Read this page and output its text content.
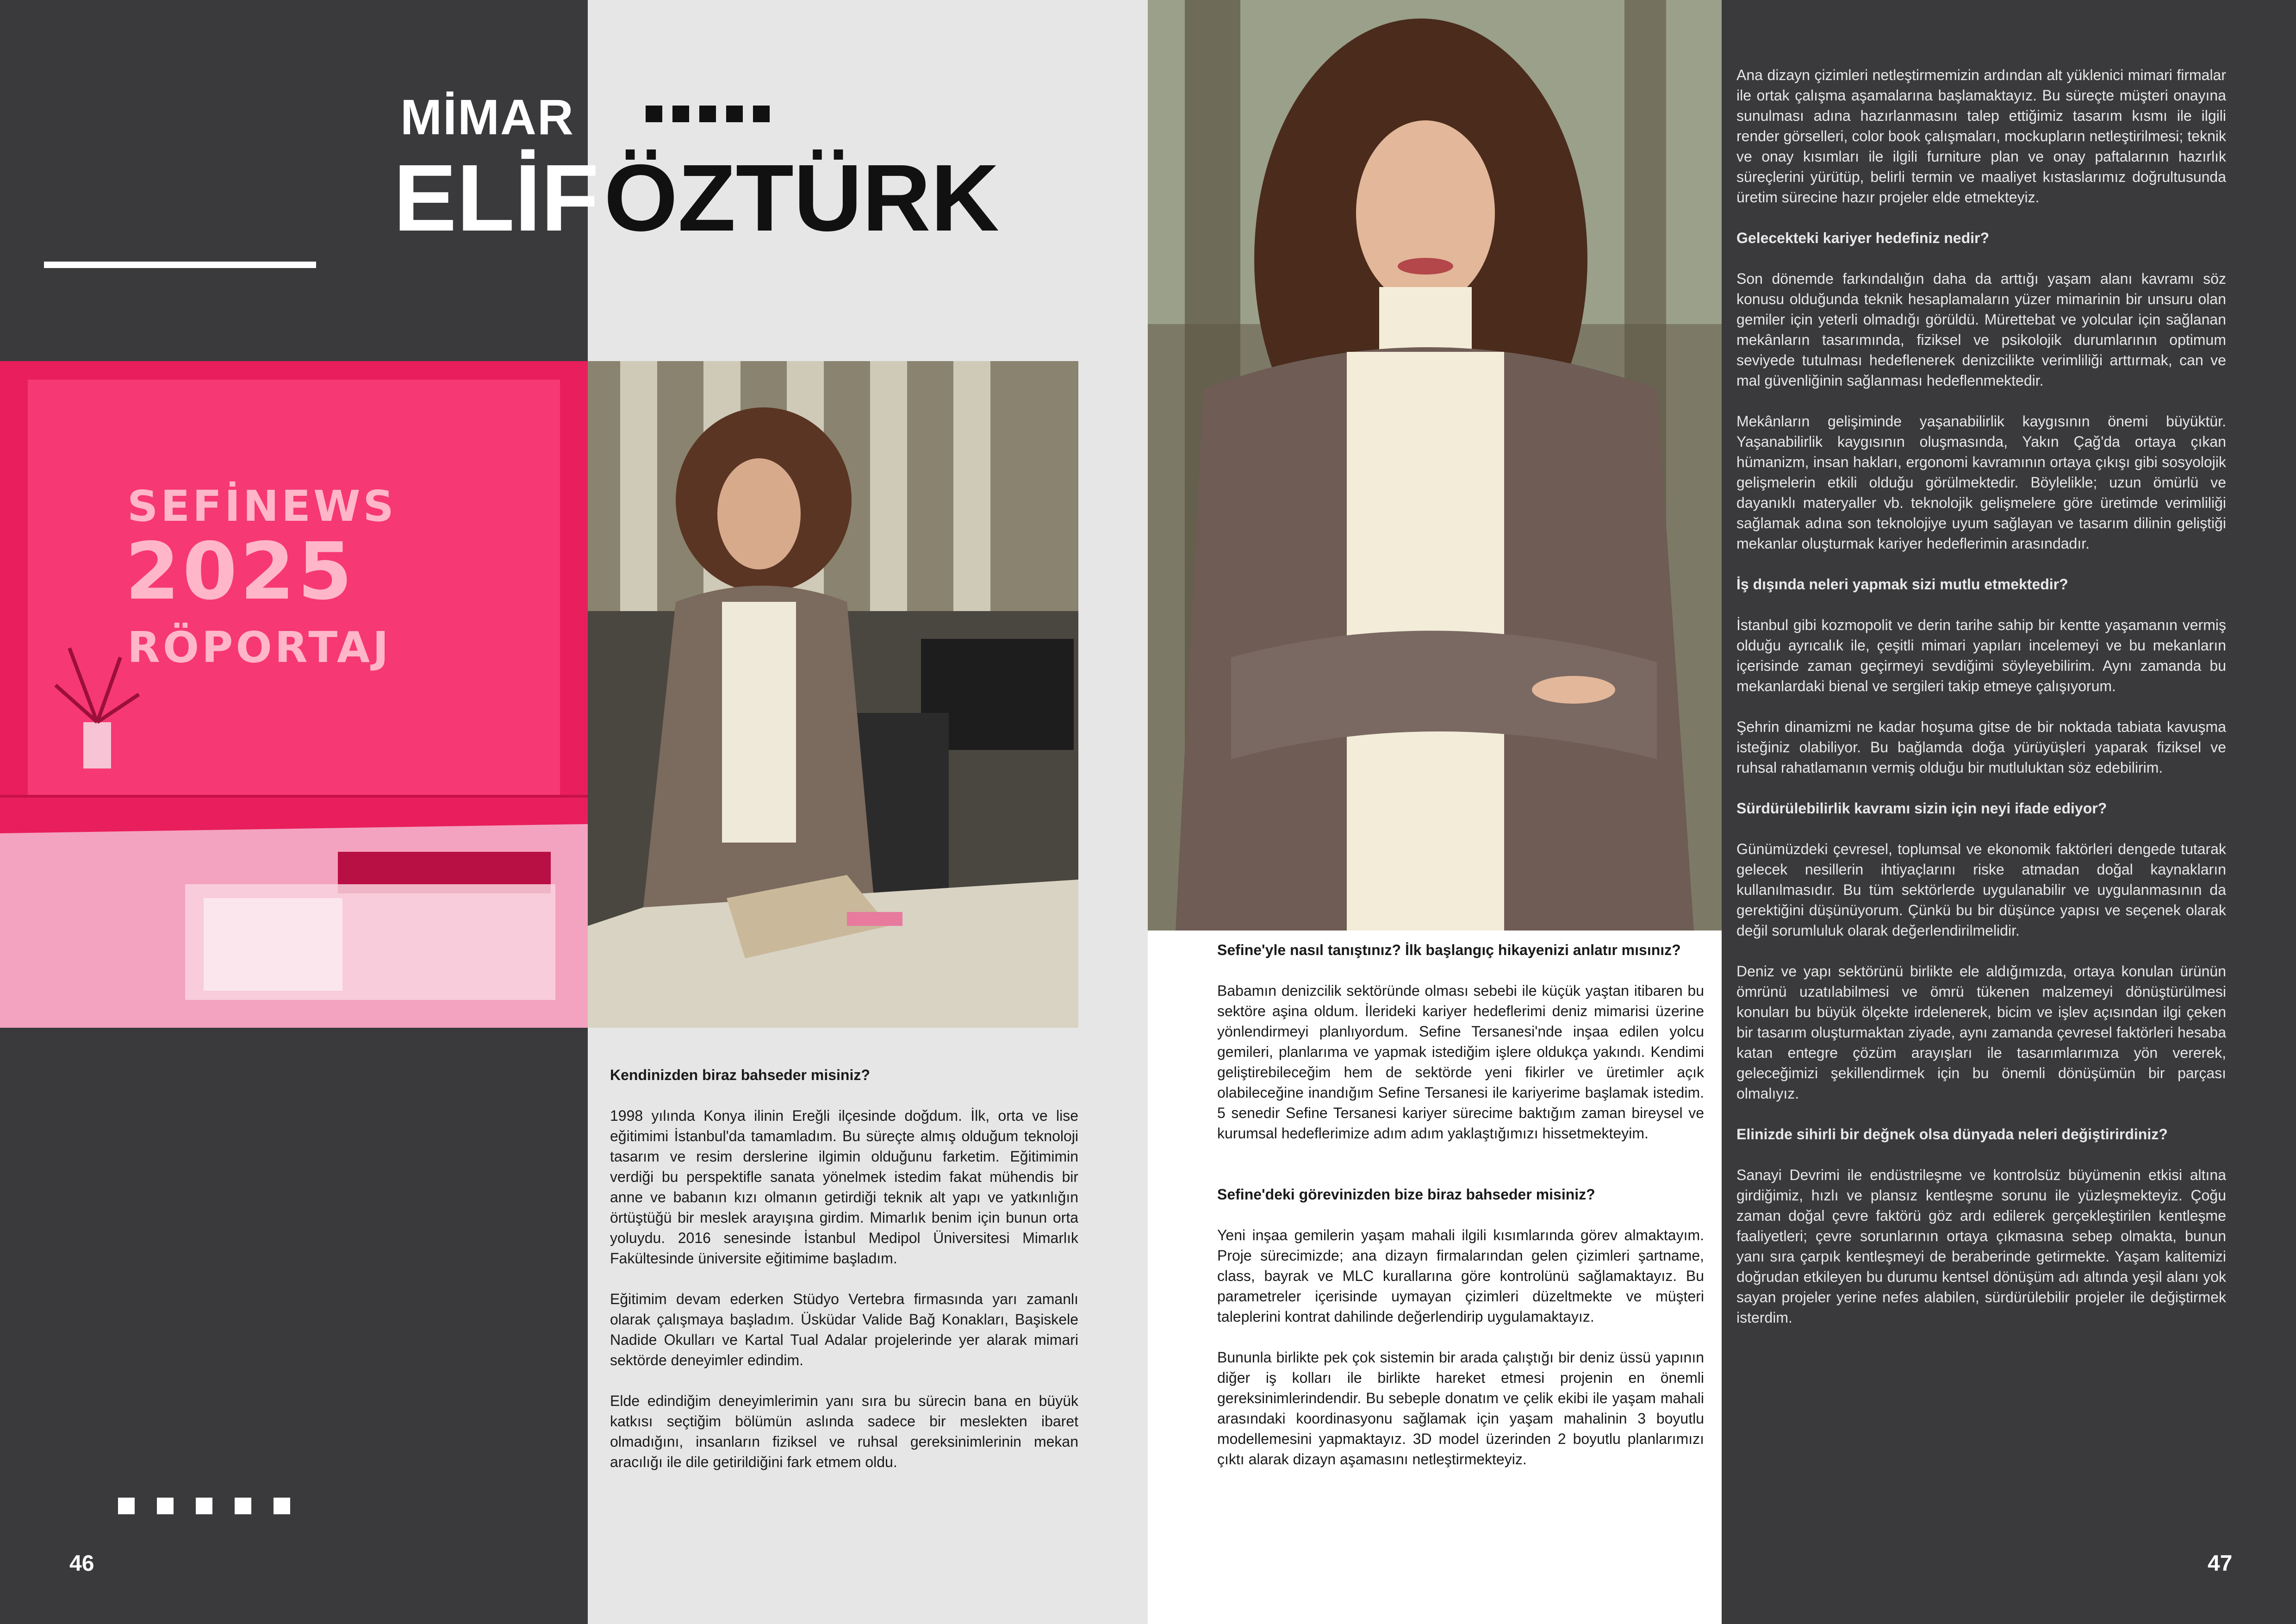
MİMAR
ELİF ÖZTÜRK
SEFİNEWS
2025
RÖPORTAJ
Kendinizden biraz bahseder misiniz?

1998 yılında Konya ilinin Ereğli ilçesinde doğdum. İlk, orta ve lise eğitimimi İstanbul'da tamamladım. Bu süreçte almış olduğum teknoloji tasarım ve resim derslerine ilgimin olduğunu farketim. Eğitimimin verdiği bu perspektifle sanata yönelmek istedim fakat mühendis bir anne ve babanın kızı olmanın getirdiği teknik alt yapı ve yatkınlığın örtüştüğü bir meslek arayışına girdim. Mimarlık benim için bunun orta yoluydu. 2016 senesinde İstanbul Medipol Üniversitesi Mimarlık Fakültesinde üniversite eğitimime başladım.

Eğitimim devam ederken Stüdyo Vertebra firmasında yarı zamanlı olarak çalışmaya başladım. Üsküdar Valide Bağ Konakları, Başiskele Nadide Okulları ve Kartal Tual Adalar projelerinde yer alarak mimari sektörde deneyimler edindim.

Elde edindiğim deneyimlerimin yanı sıra bu sürecin bana en büyük katkısı seçtiğim bölümün aslında sadece bir meslekten ibaret olmadığını, insanların fiziksel ve ruhsal gereksinimlerinin mekan aracılığı ile dile getirildiğini fark etmem oldu.

Sefine'yle nasıl tanıştınız? İlk başlangıç hikayenizi anlatır mısınız?

Babamın denizcilik sektöründe olması sebebi ile küçük yaştan itibaren bu sektöre aşina oldum. İlerideki kariyer hedeflerimi deniz mimarisi üzerine yönlendirmeyi planlıyordum. Sefine Tersanesi'nde inşaa edilen yolcu gemileri, planlarıma ve yapmak istediğim işlere oldukça yakındı. Kendimi geliştirebileceğim hem de sektörde yeni fikirler ve üretimler açık olabileceğine inandığım Sefine Tersanesi ile kariyerime başlamak istedim. 5 senedir Sefine Tersanesi kariyer sürecime baktığım zaman bireysel ve kurumsal hedeflerimize adım adım yaklaştığımızı hissetmekteyim.

Sefine'deki görevinizden bize biraz bahseder misiniz?

Yeni inşaa gemilerin yaşam mahali ilgili kısımlarında görev almaktayım. Proje sürecimizde; ana dizayn firmalarından gelen çizimleri şartname, class, bayrak ve MLC kurallarına göre kontrolünü sağlamaktayız. Bu parametreler içerisinde uymayan çizimleri düzeltmekte ve müşteri taleplerini kontrat dahilinde değerlendirip uygulamaktayız.

Bununla birlikte pek çok sistemin bir arada çalıştığı bir deniz üssü yapının diğer iş kolları ile birlikte hareket etmesi projenin en önemli gereksinimlerindendir. Bu sebeple donatım ve çelik ekibi ile yaşam mahali arasındaki koordinasyonu sağlamak için yaşam mahalinin 3 boyutlu modellemesini yapmaktayız. 3D model üzerinden 2 boyutlu planlarımızı çıktı alarak dizayn aşamasını netleştirmekteyiz.

Ana dizayn çizimleri netleştirmemizin ardından alt yüklenici mimari firmalar ile ortak çalışma aşamalarına başlamaktayız. Bu süreçte müşteri onayına sunulması adına hazırlanmasını talep ettiğimiz tasarım kısmı ile ilgili render görselleri, color book çalışmaları, mockupların netleştirilmesi; teknik ve onay kısımları ile ilgili furniture plan ve onay paftalarının hazırlık süreçlerini yürütüp, belirli termin ve maaliyet kıstaslarımız doğrultusunda üretim sürecine hazır projeler elde etmekteyiz.

Gelecekteki kariyer hedefiniz nedir?

Son dönemde farkındalığın daha da arttığı yaşam alanı kavramı söz konusu olduğunda teknik hesaplamaların yüzer mimarinin bir unsuru olan gemiler için yeterli olmadığı görüldü. Mürettebat ve yolcular için sağlanan mekânların tasarımında, fiziksel ve psikolojik durumlarının optimum seviyede tutulması hedeflenerek denizcilikte verimliliği arttırmak, can ve mal güvenliğinin sağlanması hedeflenmektedir.

Mekânların gelişiminde yaşanabilirlik kaygısının önemi büyüktür. Yaşanabilirlik kaygısının oluşmasında, Yakın Çağ'da ortaya çıkan hümanizm, insan hakları, ergonomi kavramının ortaya çıkışı gibi sosyolojik gelişmelerin etkili olduğu görülmektedir. Böylelikle; uzun ömürlü ve dayanıklı materyaller vb. teknolojik gelişmelere göre üretimde verimliliği sağlamak adına son teknolojiye uyum sağlayan ve tasarım dilinin geliştiği mekanlar oluşturmak kariyer hedeflerimin arasındadır.

İş dışında neleri yapmak sizi mutlu etmektedir?

İstanbul gibi kozmopolit ve derin tarihe sahip bir kentte yaşamanın vermiş olduğu ayrıcalık ile, çeşitli mimari yapıları incelemeyi ve bu mekanların içerisinde zaman geçirmeyi sevdiğimi söyleyebilirim. Aynı zamanda bu mekanlardaki bienal ve sergileri takip etmeye çalışıyorum.

Şehrin dinamizmi ne kadar hoşuma gitse de bir noktada tabiata kavuşma isteğiniz olabiliyor. Bu bağlamda doğa yürüyüşleri yaparak fiziksel ve ruhsal rahatlamanın vermiş olduğu bir mutluluktan söz edebilirim.

Sürdürülebilirlik kavramı sizin için neyi ifade ediyor?

Günümüzdeki çevresel, toplumsal ve ekonomik faktörleri dengede tutarak gelecek nesillerin ihtiyaçlarını riske atmadan doğal kaynakların kullanılmasıdır. Bu tüm sektörlerde uygulanabilir ve uygulanmasının da gerektiğini düşünüyorum. Çünkü bu bir düşünce yapısı ve seçenek olarak değil sorumluluk olarak değerlendirilmelidir.

Deniz ve yapı sektörünü birlikte ele aldığımızda, ortaya konulan ürünün ömrünü uzatılabilmesi ve ömrü tükenen malzemeyi dönüştürülmesi konuları bu büyük ölçekte irdelenerek, bicim ve işlev açısından ilgi çeken bir tasarım oluşturmaktan ziyade, aynı zamanda çevresel faktörleri hesaba katan entegre çözüm arayışları ile tasarımlarımıza yön vererek, geleceğimizi şekillendirmek için bu önemli dönüşümün bir parçası olmalıyız.

Elinizde sihirli bir değnek olsa dünyada neleri değiştirirdiniz?

Sanayi Devrimi ile endüstrileşme ve kontrolsüz büyümenin etkisi altına girdiğimiz, hızlı ve plansız kentleşme sorunu ile yüzleşmekteyiz. Çoğu zaman doğal çevre faktörü göz ardı edilerek gerçekleştirilen kentleşme faaliyetleri; çevre sorunlarının ortaya çıkmasına sebep olmakta, bunun yanı sıra çarpık kentleşmeyi de beraberinde getirmekte. Yaşam kalitemizi doğrudan etkileyen bu durumu kentsel dönüşüm adı altında yeşil alanı yok sayan projeler yerine nefes alabilen, sürdürülebilir projeler ile değiştirmek isterdim.

46	47
